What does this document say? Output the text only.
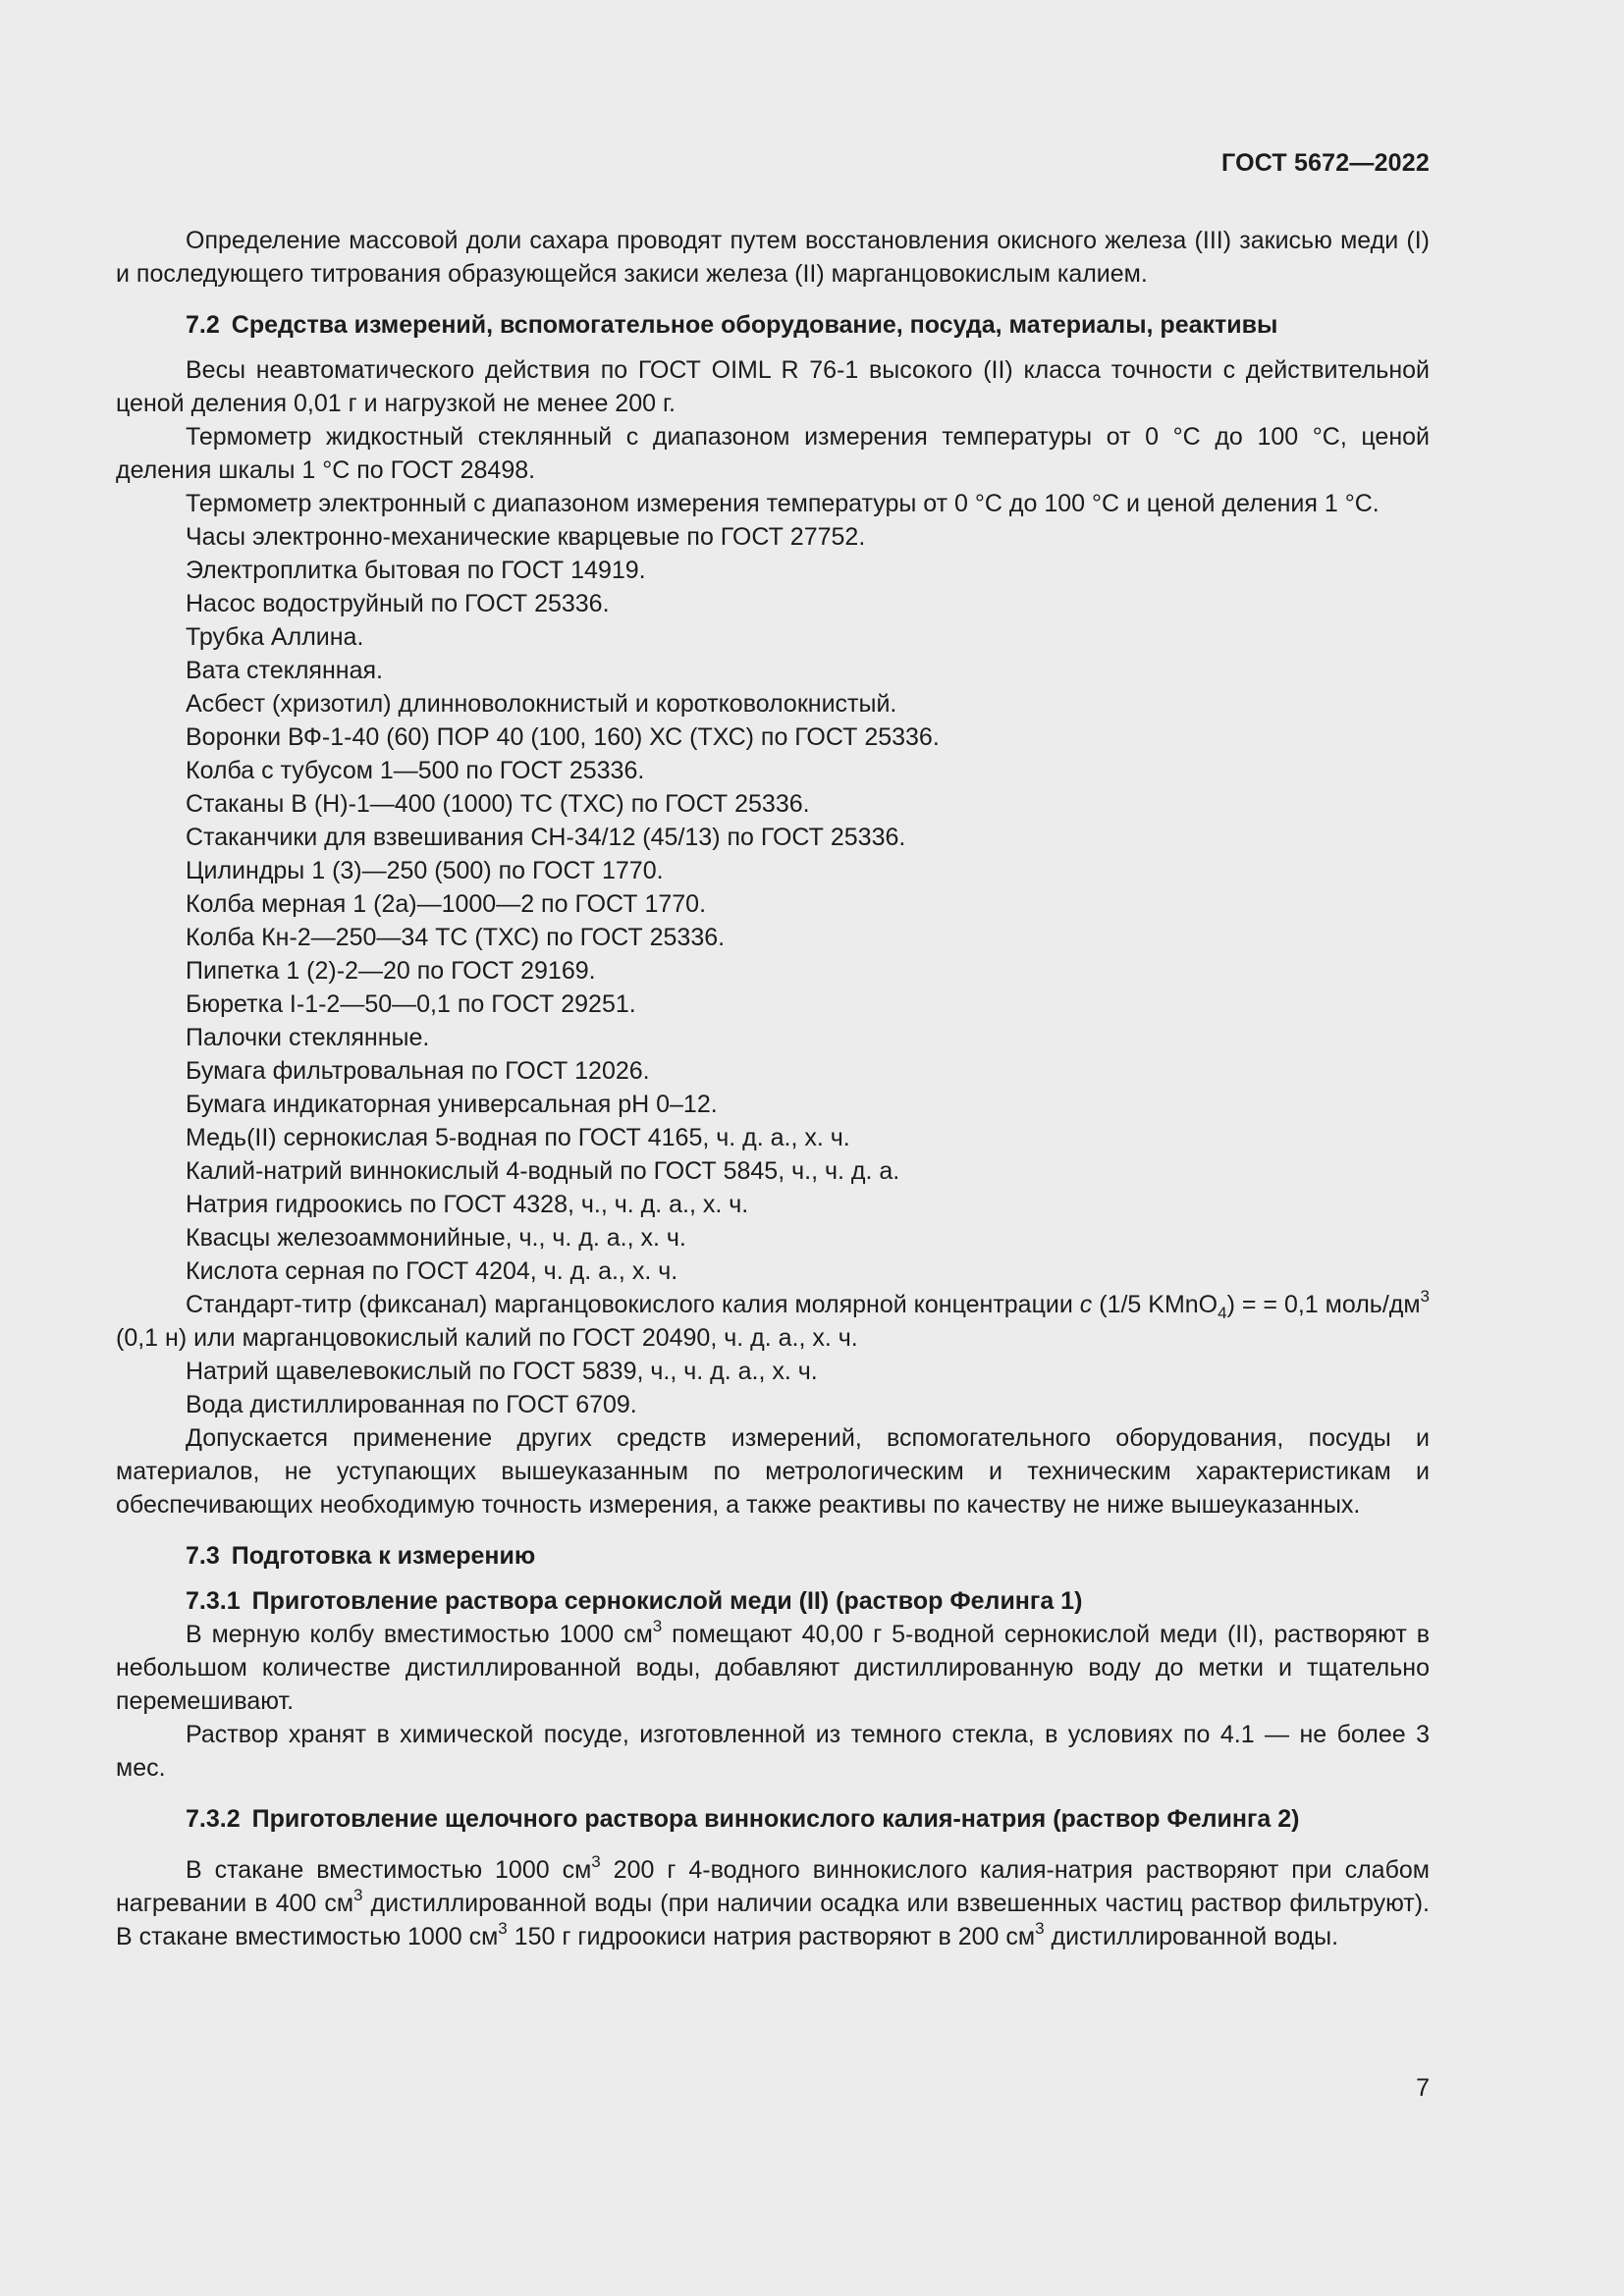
ГОСТ 5672—2022

Определение массовой доли сахара проводят путем восстановления окисного железа (III) закисью меди (I) и последующего титрования образующейся закиси железа (II) марганцовокислым калием.

7.2 Средства измерений, вспомогательное оборудование, посуда, материалы, реактивы

Весы неавтоматического действия по ГОСТ OIML R 76-1 высокого (II) класса точности с действительной ценой деления 0,01 г и нагрузкой не менее 200 г.

Термометр жидкостный стеклянный с диапазоном измерения температуры от 0 °С до 100 °С, ценой деления шкалы 1 °С по ГОСТ 28498.

Термометр электронный с диапазоном измерения температуры от 0 °С до 100 °С и ценой деления 1 °С.

Часы электронно-механические кварцевые по ГОСТ 27752.

Электроплитка бытовая по ГОСТ 14919.

Насос водоструйный по ГОСТ 25336.

Трубка Аллина.

Вата стеклянная.

Асбест (хризотил) длинноволокнистый и коротковолокнистый.

Воронки ВФ-1-40 (60) ПОР 40 (100, 160) ХС (ТХС) по ГОСТ 25336.

Колба с тубусом 1—500 по ГОСТ 25336.

Стаканы В (Н)-1—400 (1000) ТС (ТХС) по ГОСТ 25336.

Стаканчики для взвешивания СН-34/12 (45/13) по ГОСТ 25336.

Цилиндры 1 (3)—250 (500) по ГОСТ 1770.

Колба мерная 1 (2а)—1000—2 по ГОСТ 1770.

Колба Кн-2—250—34 ТС (ТХС) по ГОСТ 25336.

Пипетка 1 (2)-2—20 по ГОСТ 29169.

Бюретка I-1-2—50—0,1 по ГОСТ 29251.

Палочки стеклянные.

Бумага фильтровальная по ГОСТ 12026.

Бумага индикаторная универсальная pH 0–12.

Медь(II) сернокислая 5-водная по ГОСТ 4165, ч. д. а., х. ч.

Калий-натрий виннокислый 4-водный по ГОСТ 5845, ч., ч. д. а.

Натрия гидроокись по ГОСТ 4328, ч., ч. д. а., х. ч.

Квасцы железоаммонийные, ч., ч. д. а., х. ч.

Кислота серная по ГОСТ 4204, ч. д. а., х. ч.

Стандарт-титр (фиксанал) марганцовокислого калия молярной концентрации c (1/5 KMnO$_4$) = = 0,1 моль/$дм^3$ (0,1 н) или марганцовокислый калий по ГОСТ 20490, ч. д. а., х. ч.

Натрий щавелевокислый по ГОСТ 5839, ч., ч. д. а., х. ч.

Вода дистиллированная по ГОСТ 6709.

Допускается применение других средств измерений, вспомогательного оборудования, посуды и материалов, не уступающих вышеуказанным по метрологическим и техническим характеристикам и обеспечивающих необходимую точность измерения, а также реактивы по качеству не ниже вышеуказанных.

7.3 Подготовка к измерению

7.3.1 Приготовление раствора сернокислой меди (II) (раствор Фелинга 1)

В мерную колбу вместимостью 1000 $см^3$ помещают 40,00 г 5-водной сернокислой меди (II), растворяют в небольшом количестве дистиллированной воды, добавляют дистиллированную воду до метки и тщательно перемешивают.

Раствор хранят в химической посуде, изготовленной из темного стекла, в условиях по 4.1 — не более 3 мес.

7.3.2 Приготовление щелочного раствора виннокислого калия-натрия (раствор Фелинга 2)

В стакане вместимостью 1000 $см^3$ 200 г 4-водного виннокислого калия-натрия растворяют при слабом нагревании в 400 $см^3$ дистиллированной воды (при наличии осадка или взвешенных частиц раствор фильтруют). В стакане вместимостью 1000 $см^3$ 150 г гидроокиси натрия растворяют в 200 $см^3$ дистиллированной воды.

7
